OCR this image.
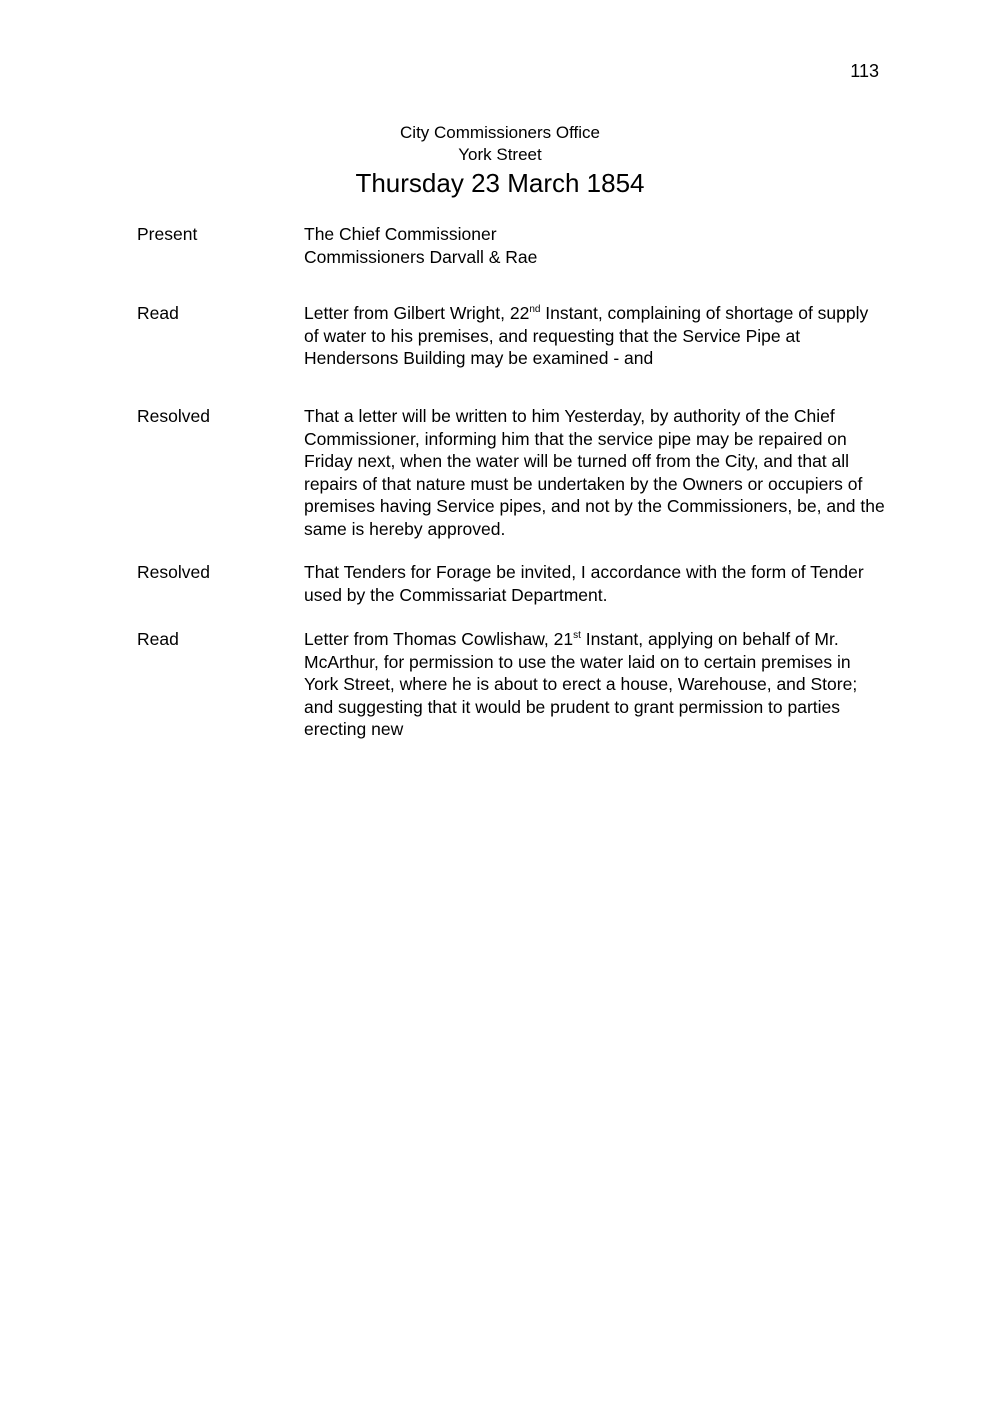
113
City Commissioners Office
York Street
Thursday 23 March 1854
Present	The Chief Commissioner
Commissioners Darvall & Rae
Read	Letter from Gilbert Wright, 22nd Instant, complaining of shortage of supply
of water to his premises, and requesting that the Service Pipe at
Hendersons Building may be examined - and
Resolved	That a letter will be written to him Yesterday, by authority of the Chief
Commissioner, informing him that the service pipe may be repaired on
Friday next, when the water will be turned off from the City, and that all
repairs of that nature must be undertaken by the Owners or occupiers of
premises having Service pipes, and not by the Commissioners, be, and the
same is hereby approved.
Resolved	That Tenders for Forage be invited, I accordance with the form of Tender
used by the Commissariat Department.
Read	Letter from Thomas Cowlishaw, 21st Instant, applying on behalf of Mr.
McArthur, for permission to use the water laid on to certain premises in
York Street, where he is about to erect a house, Warehouse, and Store;
and suggesting that it would be prudent to grant permission to parties
erecting new
